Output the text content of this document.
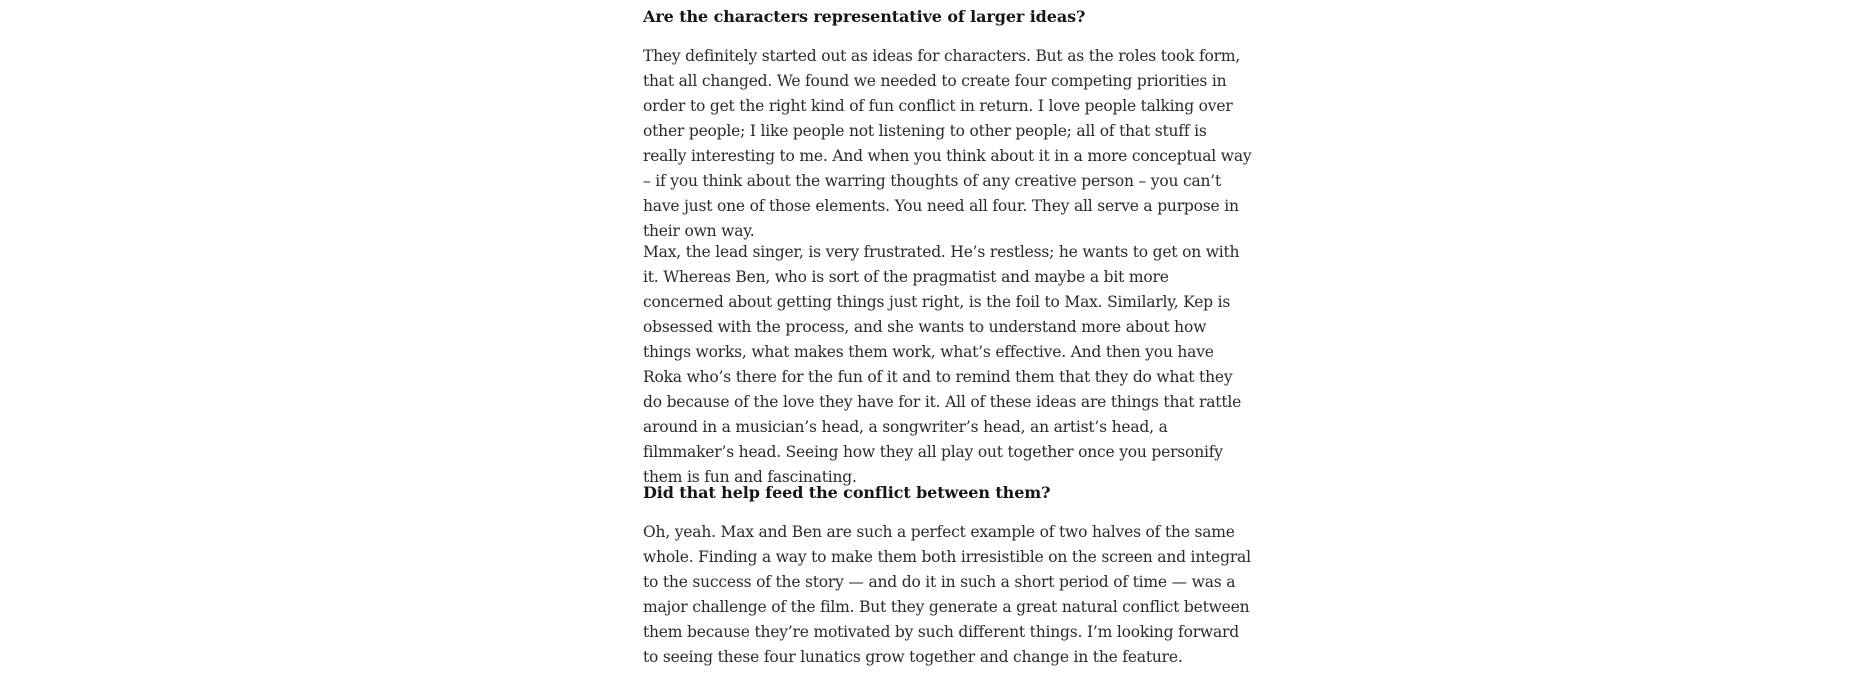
Are the characters representative of larger ideas?

They definitely started out as ideas for characters. But as the roles took form, that all changed. We found we needed to create four competing priorities in order to get the right kind of fun conflict in return. I love people talking over other people; I like people not listening to other people; all of that stuff is really interesting to me. And when you think about it in a more conceptual way – if you think about the warring thoughts of any creative person – you can’t have just one of those elements. You need all four. They all serve a purpose in their own way.

Max, the lead singer, is very frustrated. He’s restless; he wants to get on with it. Whereas Ben, who is sort of the pragmatist and maybe a bit more concerned about getting things just right, is the foil to Max. Similarly, Kep is obsessed with the process, and she wants to understand more about how things works, what makes them work, what’s effective. And then you have Roka who’s there for the fun of it and to remind them that they do what they do because of the love they have for it. All of these ideas are things that rattle around in a musician’s head, a songwriter’s head, an artist’s head, a filmmaker’s head. Seeing how they all play out together once you personify them is fun and fascinating.

Did that help feed the conflict between them?

Oh, yeah. Max and Ben are such a perfect example of two halves of the same whole. Finding a way to make them both irresistible on the screen and integral to the success of the story — and do it in such a short period of time — was a major challenge of the film. But they generate a great natural conflict between them because they’re motivated by such different things. I’m looking forward to seeing these four lunatics grow together and change in the feature.
